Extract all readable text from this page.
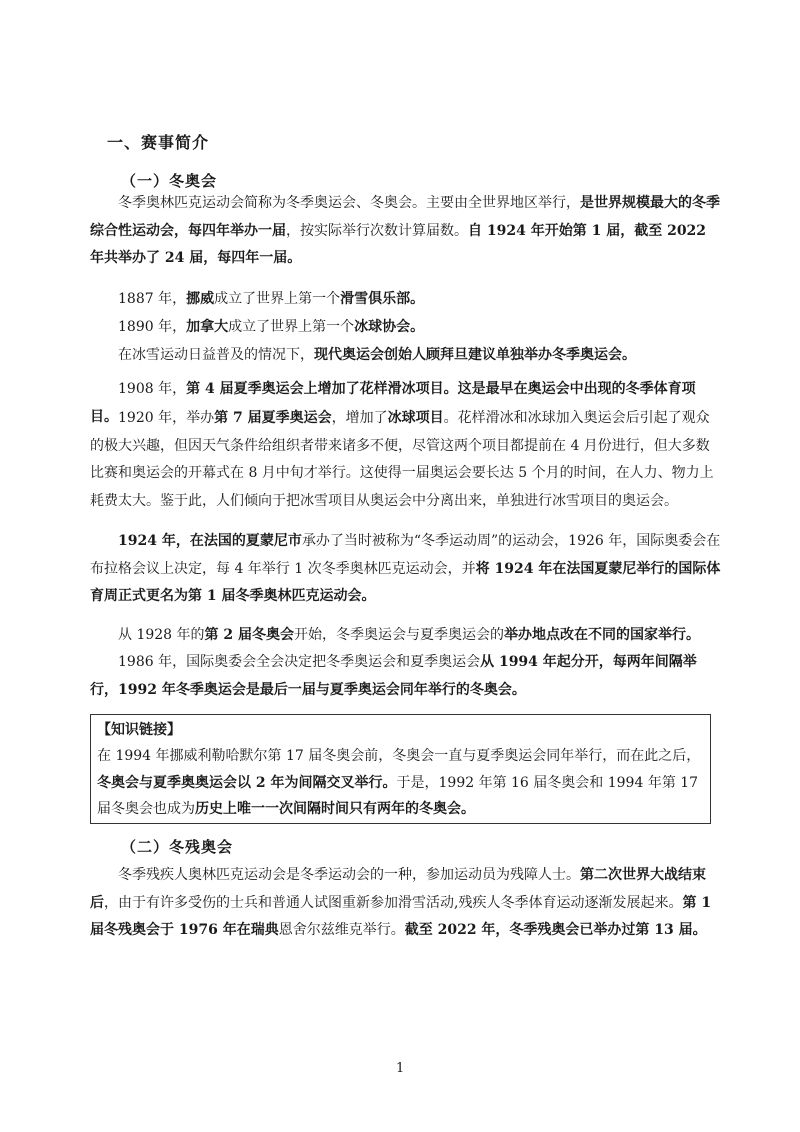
一、赛事简介
（一）冬奥会

冬季奥林匹克运动会简称为冬季奥运会、冬奥会。主要由全世界地区举行，是世界规模最大的冬季综合性运动会，每四年举办一届，按实际举行次数计算届数。自 1924 年开始第 1 届，截至 2022 年共举办了 24 届，每四年一届。

1887 年，挪威成立了世界上第一个滑雪俱乐部。

1890 年，加拿大成立了世界上第一个冰球协会。

在冰雪运动日益普及的情况下，现代奥运会创始人顾拜旦建议单独举办冬季奥运会。

1908 年，第 4 届夏季奥运会上增加了花样滑冰项目。这是最早在奥运会中出现的冬季体育项目。 1920 年，举办第 7 届夏季奥运会，增加了冰球项目。花样滑冰和冰球加入奥运会后引起了观众的极大兴趣，但因天气条件给组织者带来诸多不便，尽管这两个项目都提前在 4 月份进行，但大多数比赛和奥运会的开幕式在 8 月中旬才举行。这使得一届奥运会要长达 5 个月的时间，在人力、物力上耗费太大。鉴于此，人们倾向于把冰雪项目从奥运会中分离出来，单独进行冰雪项目的奥运会。

1924 年，在法国的夏蒙尼市承办了当时被称为“冬季运动周”的运动会，1926 年，国际奥委会在布拉格会议上决定，每 4 年举行 1 次冬季奥林匹克运动会，并将 1924 年在法国夏蒙尼举行的国际体育周正式更名为第 1 届冬季奥林匹克运动会。

从 1928 年的第 2 届冬奥会开始，冬季奥运会与夏季奥运会的举办地点改在不同的国家举行。

1986 年，国际奥委会全会决定把冬季奥运会和夏季奥运会从 1994 年起分开，每两年间隔举行，1992 年冬季奥运会是最后一届与夏季奥运会同年举行的冬奥会。

【知识链接】
在 1994 年挪威利勒哈默尔第 17 届冬奥会前，冬奥会一直与夏季奥运会同年举行，而在此之后，冬奥会与夏季奥奥运会以 2 年为间隔交叉举行。于是，1992 年第 16 届冬奥会和 1994 年第 17 届冬奥会也成为历史上唯一一次间隔时间只有两年的冬奥会。
（二）冬残奥会

冬季残疾人奥林匹克运动会是冬季运动会的一种，参加运动员为残障人士。第二次世界大战结束后，由于有许多受伤的士兵和普通人试图重新参加滑雪活动,残疾人冬季体育运动逐渐发展起来。第 1 届冬残奥会于 1976 年在瑞典恩舍尔兹维克举行。截至 2022 年，冬季残奥会已举办过第 13 届。

1
